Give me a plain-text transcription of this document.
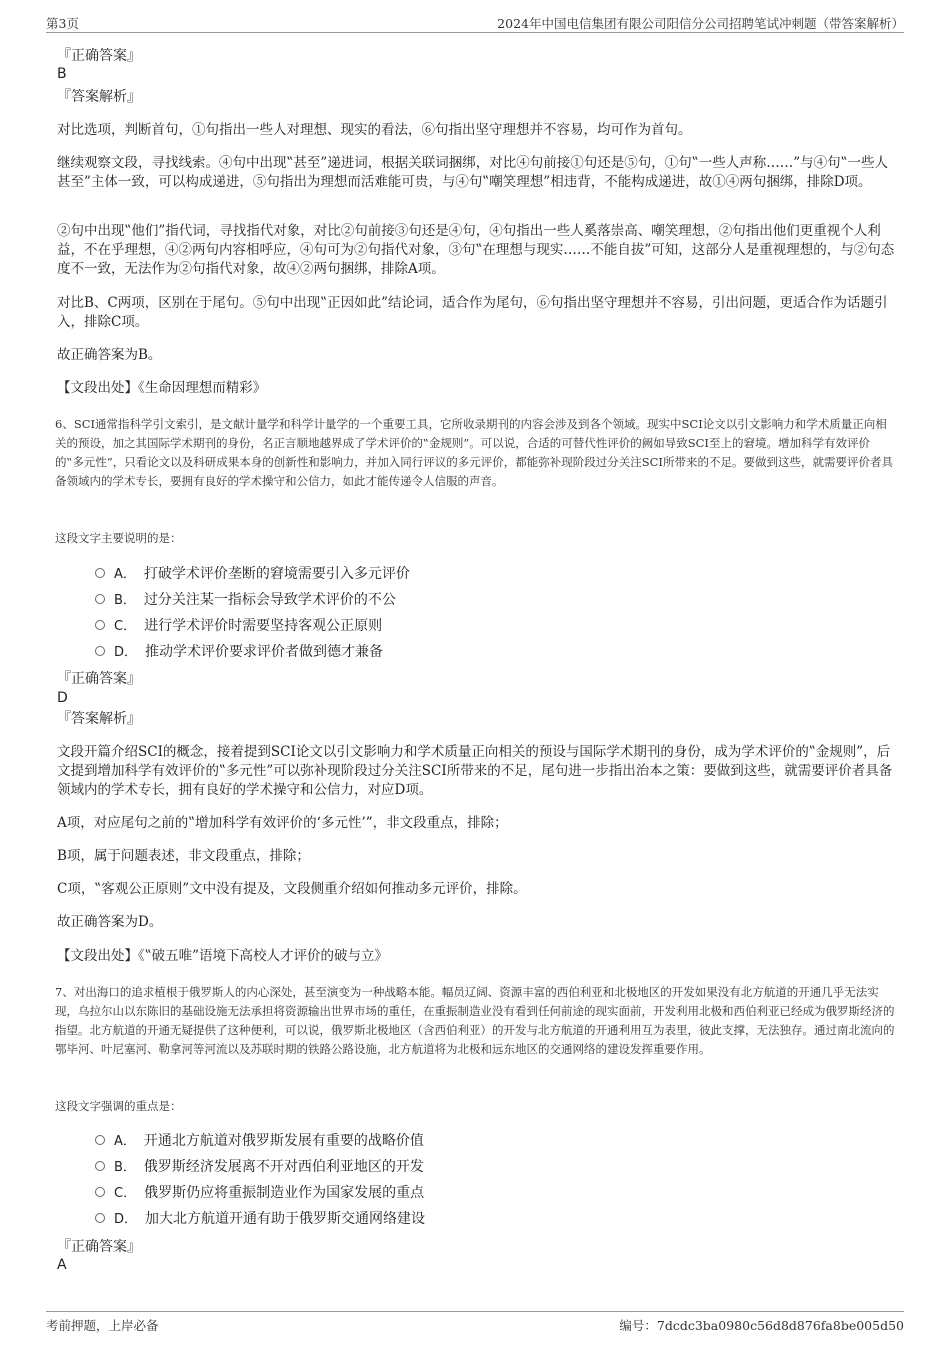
第3页	2024年中国电信集团有限公司阳信分公司招聘笔试冲刺题（带答案解析）
『正确答案』
B
『答案解析』

对比选项，判断首句，①句指出一些人对理想、现实的看法，⑥句指出坚守理想并不容易，均可作为首句。

继续观察文段，寻找线索。④句中出现‟甚至”递进词，根据关联词捆绑，对比④句前接①句还是⑤句，①句‟一些人声称……”与④句‟一些人甚至”主体一致，可以构成递进，⑤句指出为理想而活难能可贵，与④句‟嘲笑理想”相违背，不能构成递进，故①④两句捆绑，排除D项。

②句中出现‟他们”指代词，寻找指代对象，对比②句前接③句还是④句，④句指出一些人奚落崇高、嘲笑理想，②句指出他们更重视个人利益，不在乎理想，④②两句内容相呼应，④句可为②句指代对象，③句‟在理想与现实……不能自拔”可知，这部分人是重视理想的，与②句态度不一致，无法作为②句指代对象，故④②两句捆绑，排除A项。

对比B、C两项，区别在于尾句。⑤句中出现‟正因如此”结论词，适合作为尾句，⑥句指出坚守理想并不容易，引出问题，更适合作为话题引入，排除C项。

故正确答案为B。

【文段出处】《生命因理想而精彩》

6、SCI通常指科学引文索引，是文献计量学和科学计量学的一个重要工具，它所收录期刊的内容会涉及到各个领域。现实中SCI论文以引文影响力和学术质量正向相关的预设，加之其国际学术期刊的身份，名正言顺地越界成了学术评价的‟金规则”。可以说，合适的可替代性评价的阙如导致SCI至上的窘境。增加科学有效评价的‟多元性”，只看论文以及科研成果本身的创新性和影响力，并加入同行评议的多元评价，都能弥补现阶段过分关注SCI所带来的不足。要做到这些，就需要评价者具备领域内的学术专长，要拥有良好的学术操守和公信力，如此才能传递令人信服的声音。

这段文字主要说明的是：

A． 打破学术评价垄断的窘境需要引入多元评价
B． 过分关注某一指标会导致学术评价的不公
C． 进行学术评价时需要坚持客观公正原则
D． 推动学术评价要求评价者做到德才兼备
『正确答案』
D
『答案解析』

文段开篇介绍SCI的概念，接着提到SCI论文以引文影响力和学术质量正向相关的预设与国际学术期刊的身份，成为学术评价的‟金规则”，后文提到增加科学有效评价的‟多元性”可以弥补现阶段过分关注SCI所带来的不足，尾句进一步指出治本之策：要做到这些，就需要评价者具备领域内的学术专长，拥有良好的学术操守和公信力，对应D项。

A项，对应尾句之前的‟增加科学有效评价的‘多元性’”，非文段重点，排除；

B项，属于问题表述，非文段重点，排除；

C项，‟客观公正原则”文中没有提及，文段侧重介绍如何推动多元评价，排除。

故正确答案为D。

【文段出处】《‟破五唯”语境下高校人才评价的破与立》

7、对出海口的追求植根于俄罗斯人的内心深处，甚至演变为一种战略本能。幅员辽阔、资源丰富的西伯利亚和北极地区的开发如果没有北方航道的开通几乎无法实现，乌拉尔山以东陈旧的基础设施无法承担将资源输出世界市场的重任，在重振制造业没有看到任何前途的现实面前，开发利用北极和西伯利亚已经成为俄罗斯经济的指望。北方航道的开通无疑提供了这种便利，可以说，俄罗斯北极地区（含西伯利亚）的开发与北方航道的开通利用互为表里，彼此支撑，无法独存。通过南北流向的鄂毕河、叶尼塞河、勒拿河等河流以及苏联时期的铁路公路设施，北方航道将为北极和远东地区的交通网络的建设发挥重要作用。

这段文字强调的重点是：

A． 开通北方航道对俄罗斯发展有重要的战略价值
B． 俄罗斯经济发展离不开对西伯利亚地区的开发
C． 俄罗斯仍应将重振制造业作为国家发展的重点
D． 加大北方航道开通有助于俄罗斯交通网络建设
『正确答案』
A
考前押题，上岸必备	编号：7dcdc3ba0980c56d8d876fa8be005d50
